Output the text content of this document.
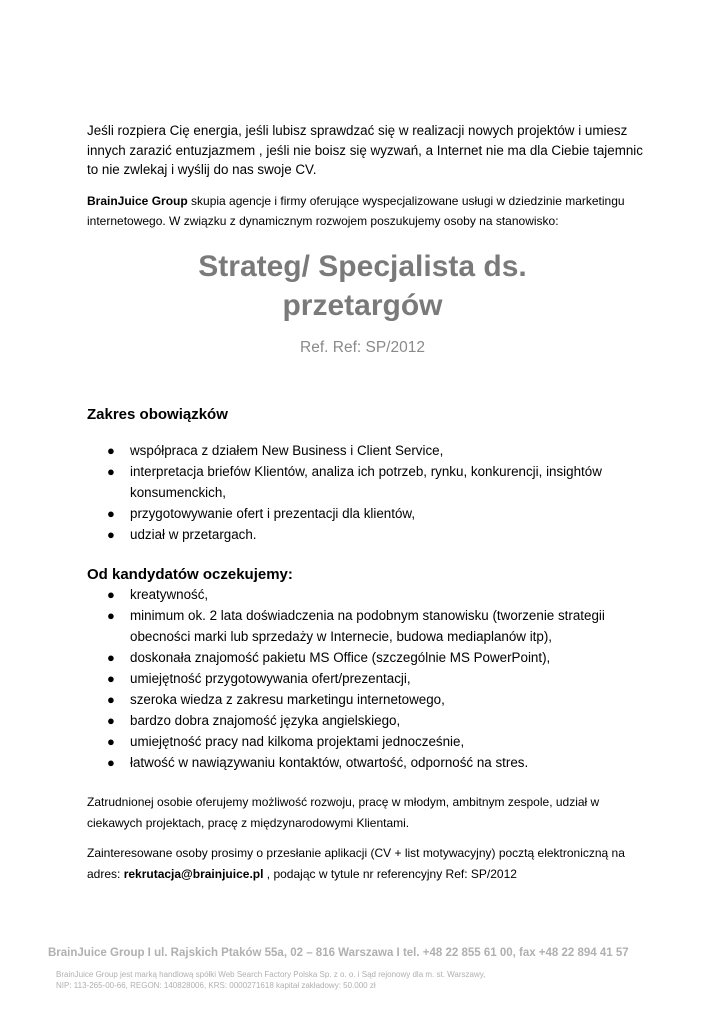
Jeśli rozpiera Cię energia, jeśli lubisz sprawdzać się w realizacji nowych projektów i umiesz innych zarazić entuzjazmem , jeśli nie boisz się wyzwań, a Internet nie ma dla Ciebie tajemnic to nie zwlekaj i wyślij do nas swoje CV.

BrainJuice Group skupia agencje i firmy oferujące wyspecjalizowane usługi w dziedzinie marketingu internetowego. W związku z dynamicznym rozwojem poszukujemy osoby na stanowisko:

Strateg/ Specjalista ds.
przetargów
Ref. Ref: SP/2012
Zakres obowiązków
● współpraca z działem New Business i Client Service,
● interpretacja briefów Klientów, analiza ich potrzeb, rynku, konkurencji, insightów konsumenckich,
● przygotowywanie ofert i prezentacji dla klientów,
● udział w przetargach.
Od kandydatów oczekujemy:
● kreatywność,
● minimum ok. 2 lata doświadczenia na podobnym stanowisku (tworzenie strategii obecności marki lub sprzedaży w Internecie, budowa mediaplanów itp),
● doskonała znajomość pakietu MS Office (szczególnie MS PowerPoint),
● umiejętność przygotowywania ofert/prezentacji,
● szeroka wiedza z zakresu marketingu internetowego,
● bardzo dobra znajomość języka angielskiego,
● umiejętność pracy nad kilkoma projektami jednocześnie,
● łatwość w nawiązywaniu kontaktów, otwartość, odporność na stres.

Zatrudnionej osobie oferujemy możliwość rozwoju, pracę w młodym, ambitnym zespole, udział w ciekawych projektach, pracę z międzynarodowymi Klientami.

Zainteresowane osoby prosimy o przesłanie aplikacji (CV + list motywacyjny) pocztą elektroniczną na adres: rekrutacja@brainjuice.pl , podając w tytule nr referencyjny Ref: SP/2012

BrainJuice Group I ul. Rajskich Ptaków 55a, 02 – 816 Warszawa I tel. +48 22 855 61 00, fax +48 22 894 41 57
BrainJuice Group jest marką handlową spółki Web Search Factory Polska Sp. z o. o. i Sąd rejonowy dla m. st. Warszawy,
NIP: 113-265-00-66, REGON: 140828006, KRS: 0000271618 kapitał zakładowy: 50.000 zł
